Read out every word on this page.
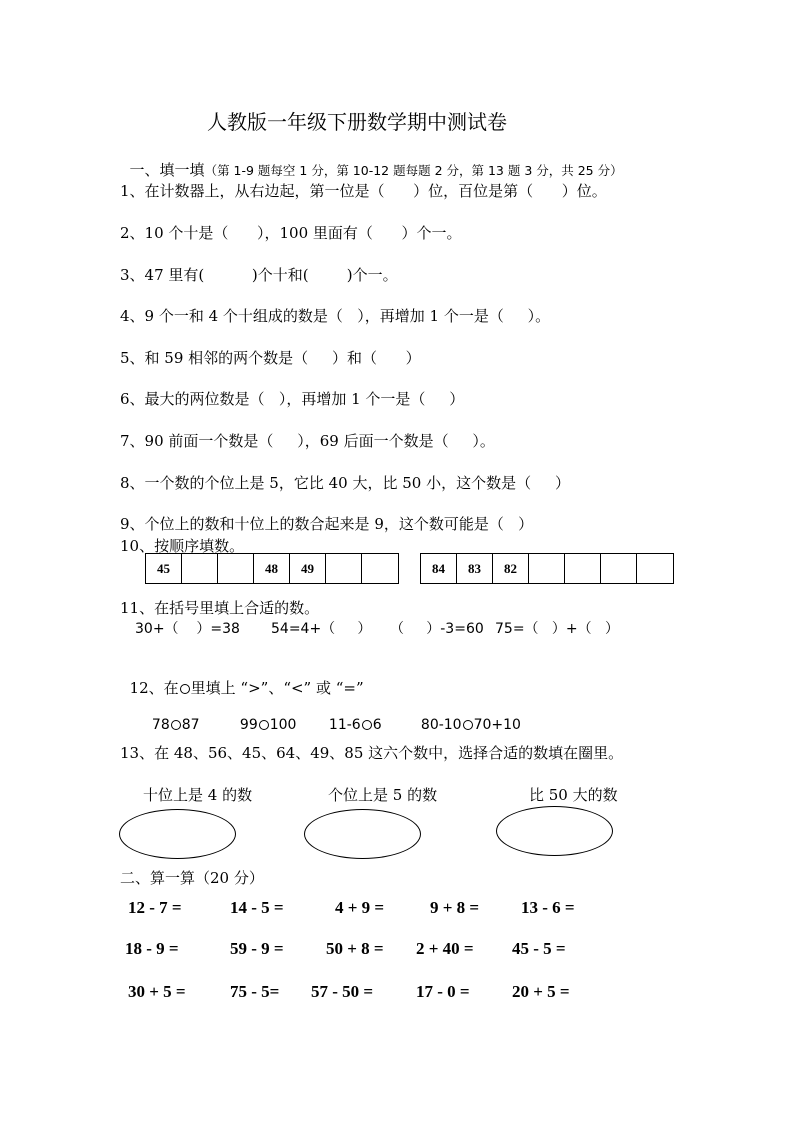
人教版一年级下册数学期中测试卷

一、填一填（第 1-9 题每空 1 分，第 10-12 题每题 2 分，第 13 题 3 分，共 25 分）

1、在计数器上，从右边起，第一位是（      ）位，百位是第（      ）位。
2、10 个十是（      ），100 里面有（      ）个一。
3、47 里有(          )个十和(        )个一。
4、9 个一和 4 个十组成的数是（   ），再增加 1 个一是（     ）。
5、和 59 相邻的两个数是（     ）和（      ）
6、最大的两位数是（   ），再增加 1 个一是（     ）
7、90 前面一个数是（     ），69 后面一个数是（     ）。
8、一个数的个位上是 5，它比 40 大，比 50 小，这个数是（     ）
9、个位上的数和十位上的数合起来是 9，这个数可能是（   ）
10、按顺序填数。
45	48	49	84	83	82
11、在括号里填上合适的数。
30+（    ）=38 54=4+（     ） （     ）-3=60 75=（   ）+（   ）

12、在 里填上 “>”、“<” 或 “=”

78 87	99 100	11-6 6	80-10 70+10

13、在 48、56、45、64、49、85 这六个数中，选择合适的数填在圈里。
十位上是 4 的数	个位上是 5 的数	比 50 大的数
二、算一算（20 分）
12 - 7 =	14 - 5 =	4 + 9 =	9 + 8 = 13 - 6 =
18 - 9 =	59 - 9 = 50 + 8 = 2 + 40 = 45 - 5 =
30 + 5 =	75 - 5= 57 - 50 =	17 - 0 = 20 + 5 =
